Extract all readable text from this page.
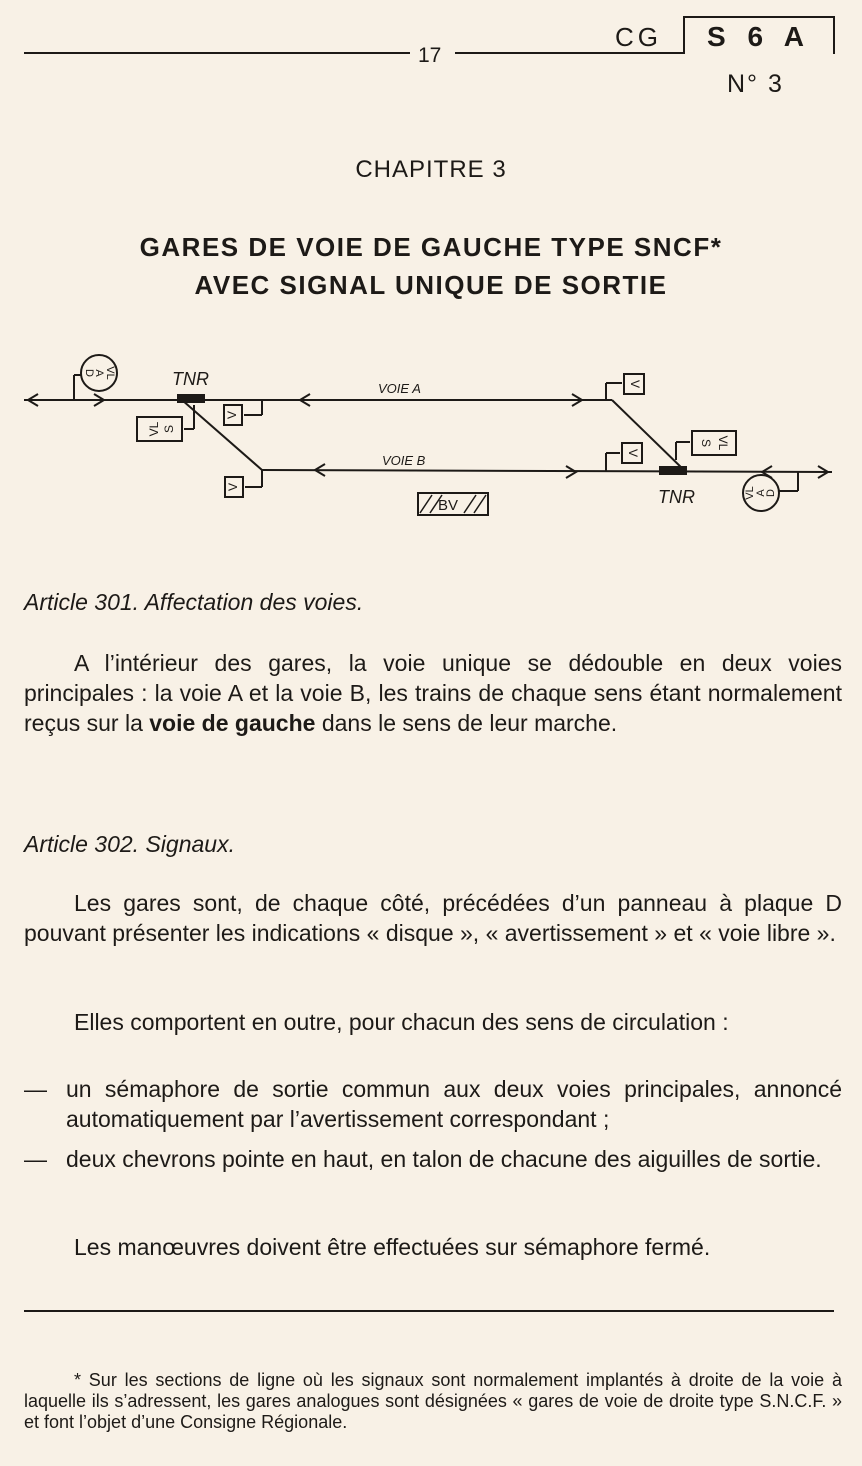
17
CG	S 6 A
N° 3
CHAPITRE 3
GARES DE VOIE DE GAUCHE TYPE SNCF*
AVEC SIGNAL UNIQUE DE SORTIE
VOIE A
VOIE B
TNR
TNR
BV
V
V
V
V
VL S
S VL
VL
A
D
VL A
D
Article 301. Affectation des voies.
A l’intérieur des gares, la voie unique se dédouble en deux voies principales : la voie A et la voie B, les trains de chaque sens étant normalement reçus sur la voie de gauche dans le sens de leur marche.
Article 302. Signaux.
Les gares sont, de chaque côté, précédées d’un panneau à plaque D pouvant présenter les indications « disque », « avertissement » et « voie libre ».
Elles comportent en outre, pour chacun des sens de circulation :
— un sémaphore de sortie commun aux deux voies principales, annoncé automatiquement par l’avertissement correspondant ;
— deux chevrons pointe en haut, en talon de chacune des aiguilles de sortie.
Les manœuvres doivent être effectuées sur sémaphore fermé.
* Sur les sections de ligne où les signaux sont normalement implantés à droite de la voie à laquelle ils s’adressent, les gares analogues sont désignées « gares de voie de droite type S.N.C.F. » et font l’objet d’une Consigne Régionale.
